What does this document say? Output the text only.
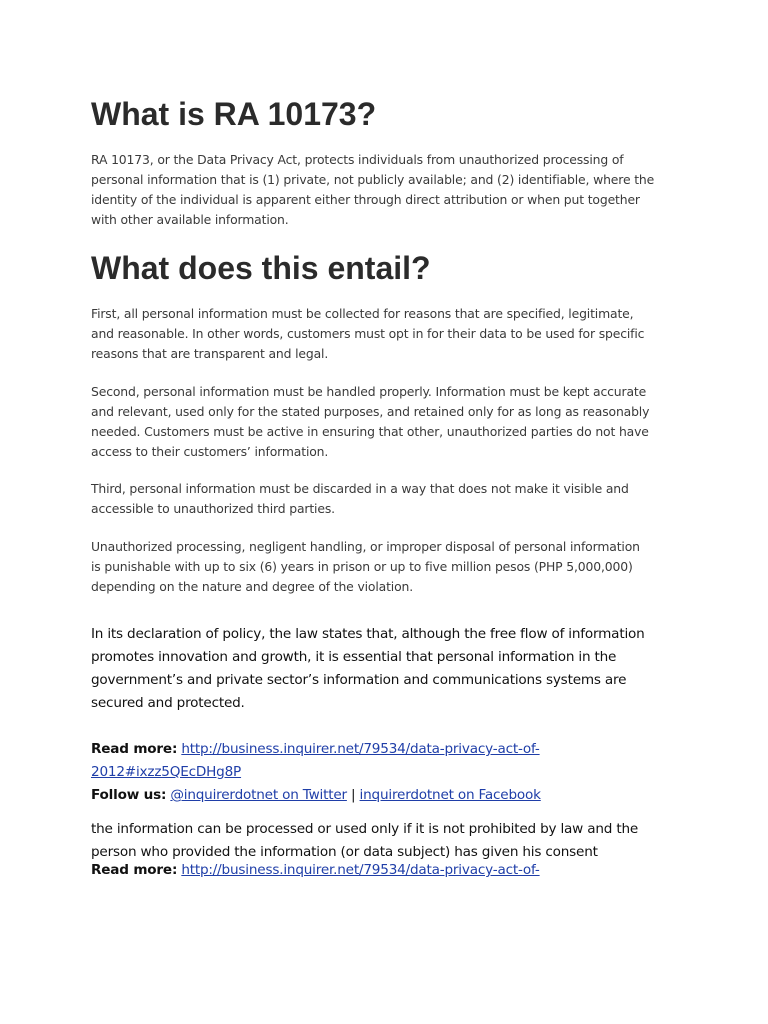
What is RA 10173?

RA 10173, or the Data Privacy Act, protects individuals from unauthorized processing of
personal information that is (1) private, not publicly available; and (2) identifiable, where the
identity of the individual is apparent either through direct attribution or when put together
with other available information.

What does this entail?

First, all personal information must be collected for reasons that are specified, legitimate,
and reasonable. In other words, customers must opt in for their data to be used for specific
reasons that are transparent and legal.

Second, personal information must be handled properly. Information must be kept accurate
and relevant, used only for the stated purposes, and retained only for as long as reasonably
needed. Customers must be active in ensuring that other, unauthorized parties do not have
access to their customers’ information.

Third, personal information must be discarded in a way that does not make it visible and
accessible to unauthorized third parties.

Unauthorized processing, negligent handling, or improper disposal of personal information
is punishable with up to six (6) years in prison or up to five million pesos (PHP 5,000,000)
depending on the nature and degree of the violation.

In its declaration of policy, the law states that, although the free flow of information
promotes innovation and growth, it is essential that personal information in the
government’s and private sector’s information and communications systems are
secured and protected.

Read more: http://business.inquirer.net/79534/data-privacy-act-of-
2012#ixzz5QEcDHg8P
Follow us: @inquirerdotnet on Twitter | inquirerdotnet on Facebook

the information can be processed or used only if it is not prohibited by law and the
person who provided the information (or data subject) has given his consent

Read more: http://business.inquirer.net/79534/data-privacy-act-of-
